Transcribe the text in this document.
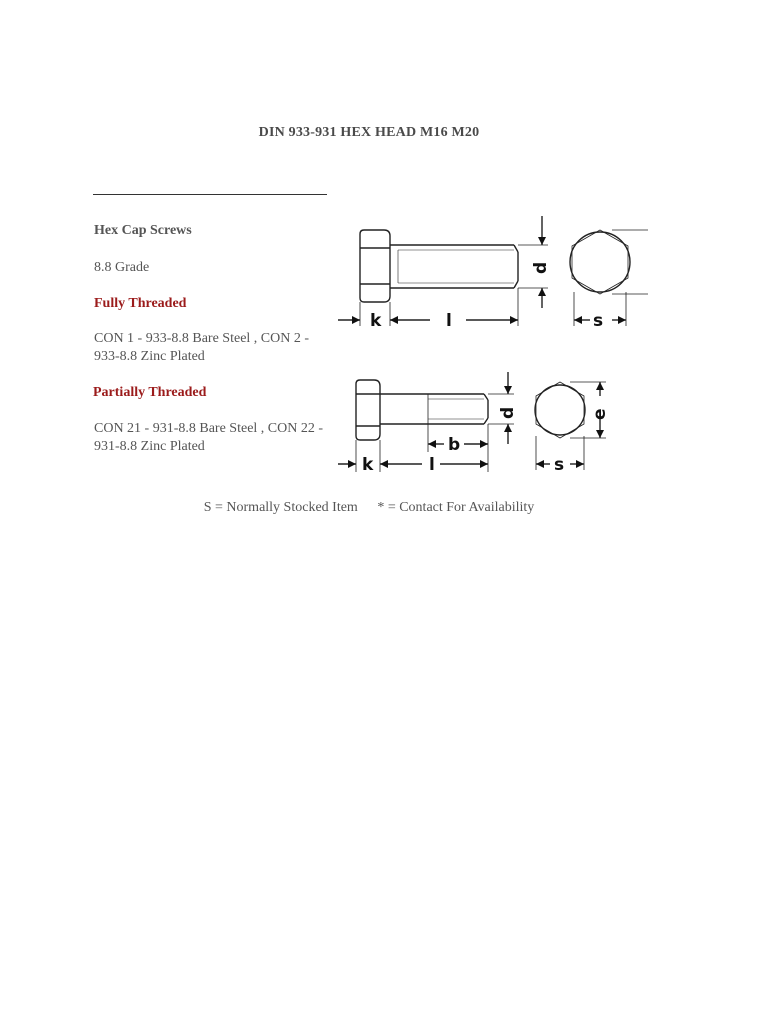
DIN 933-931 HEX HEAD M16 M20
Hex Cap Screws
8.8 Grade
Fully Threaded
CON 1 - 933-8.8 Bare Steel , CON 2 - 933-8.8 Zinc Plated
Partially Threaded
CON 21 - 931-8.8 Bare Steel , CON 22 - 931-8.8 Zinc Plated
k	l
d
s
k	l
b
d
s
e
S = Normally Stocked Item * = Contact For Availability
